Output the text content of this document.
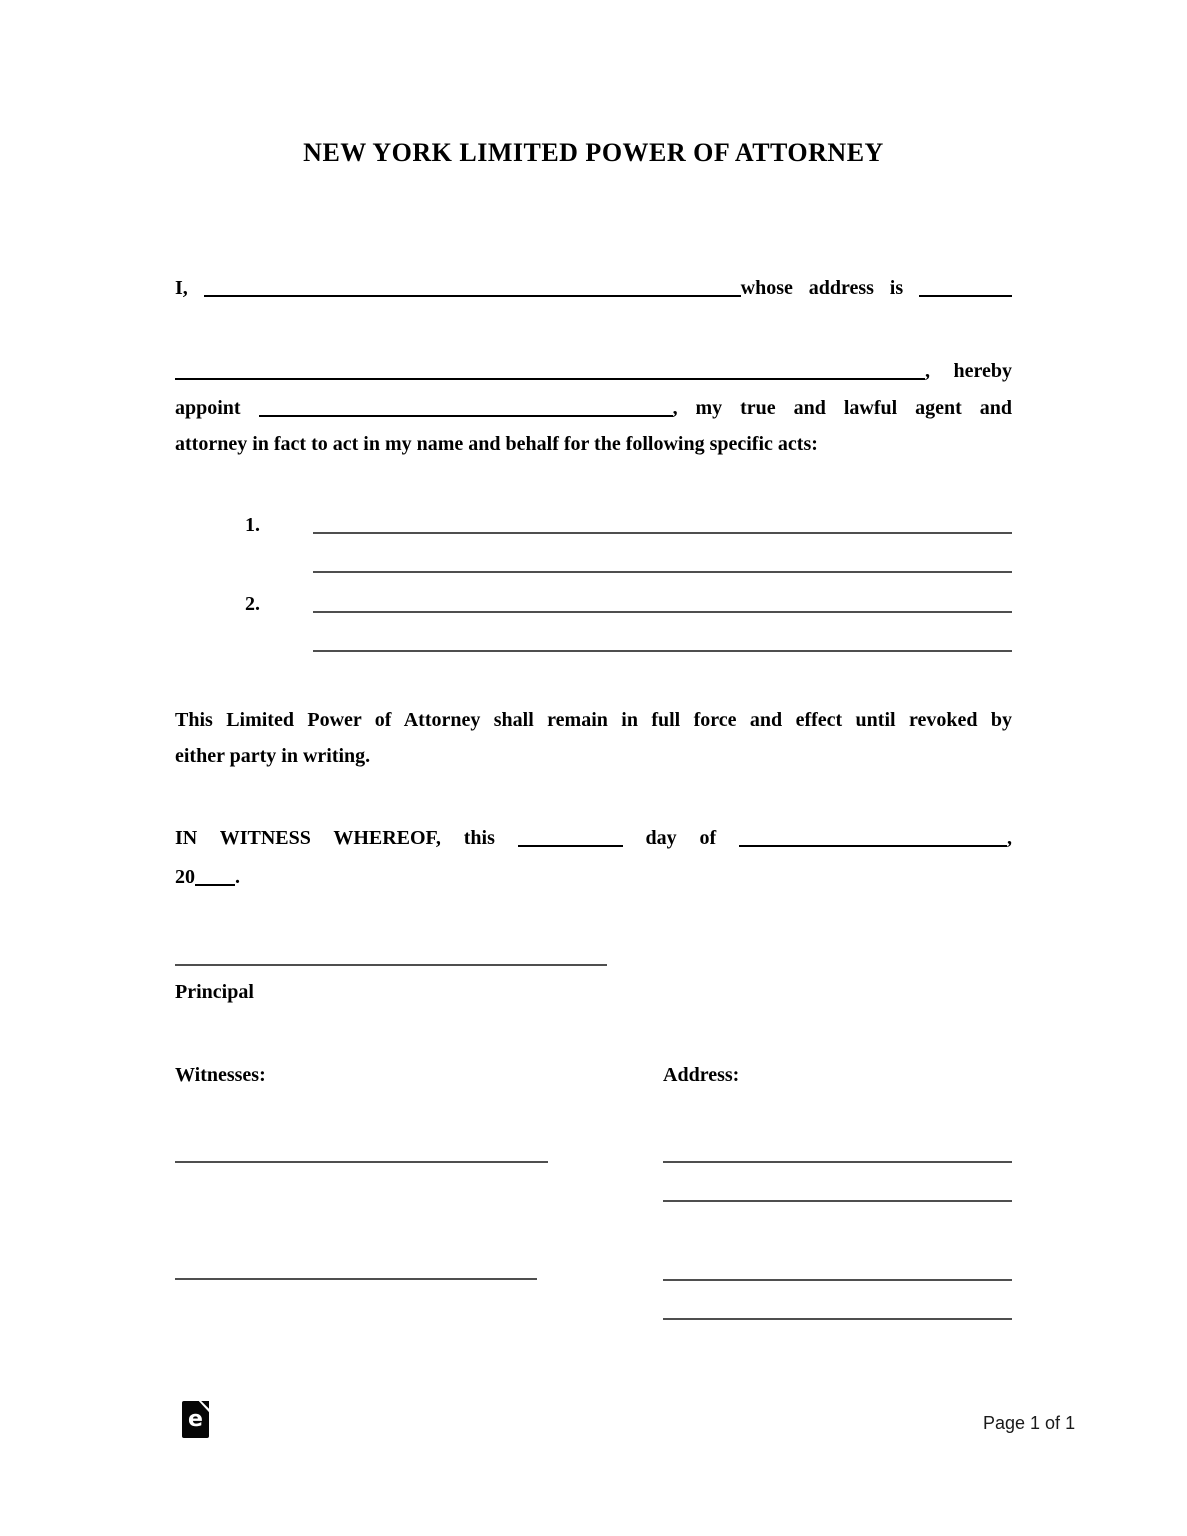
NEW YORK LIMITED POWER OF ATTORNEY
I,	whose address is
, hereby
appoint	, my true and lawful agent and
attorney in fact to act in my name and behalf for the following specific acts:
1.
2.
This Limited Power of Attorney shall remain in full force and effect until revoked by
either party in writing.
IN WITNESS WHEREOF, this	day of	,
20 .
Principal
Witnesses:	Address:
e	Page 1 of 1
